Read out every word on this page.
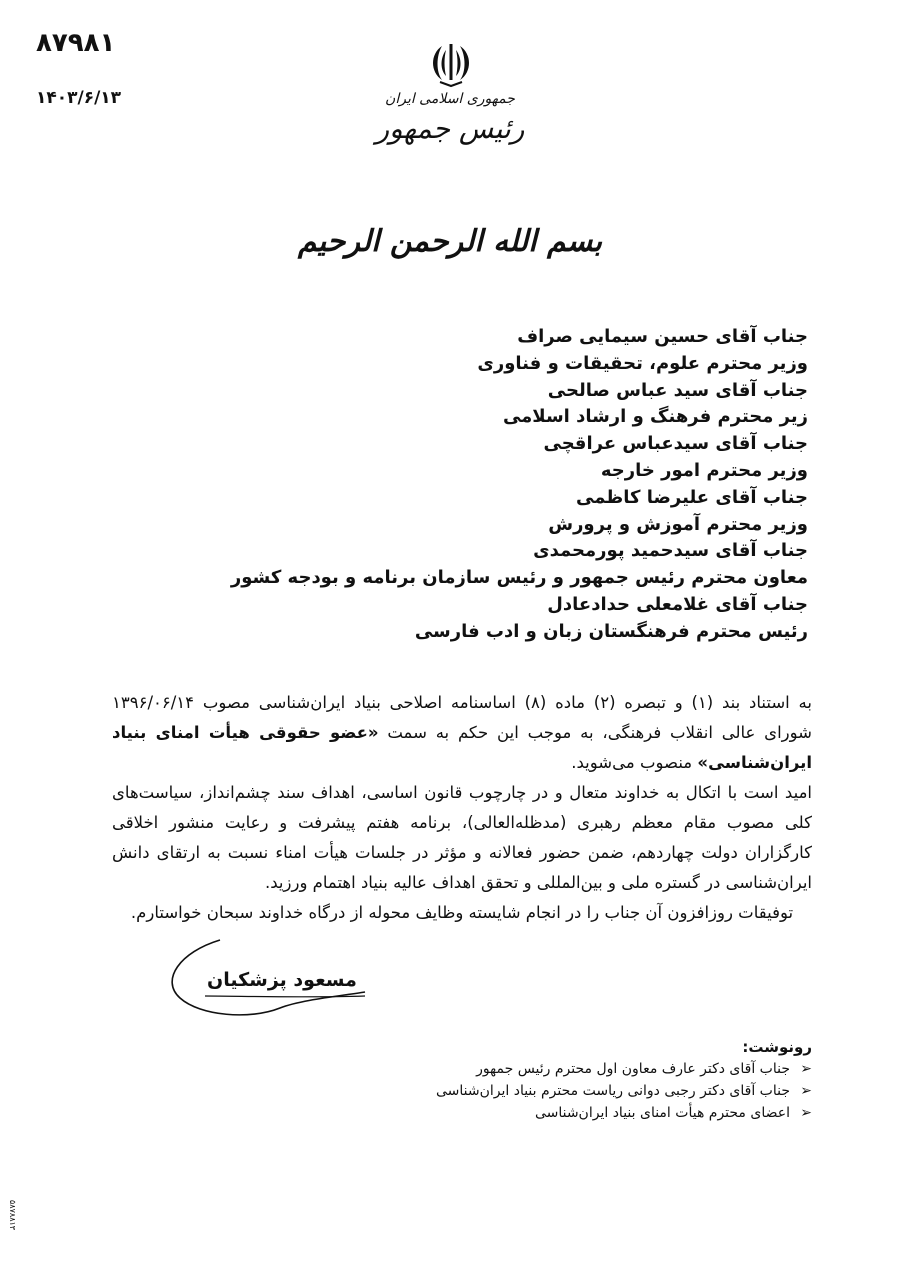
۸۷۹۸۱
۱۴۰۳/۶/۱۳	جمهوری اسلامی ایران
رئیس جمهور
بسم الله الرحمن الرحیم
جناب آقای حسین سیمایی صراف
وزیر محترم علوم، تحقیقات و فناوری
جناب آقای سید عباس صالحی
زیر محترم فرهنگ و ارشاد اسلامی
جناب آقای سیدعباس عراقچی
وزیر محترم امور خارجه
جناب آقای علیرضا کاظمی
وزیر محترم آموزش و پرورش
جناب آقای سیدحمید پورمحمدی
معاون محترم رئیس جمهور و رئیس سازمان برنامه و بودجه کشور
جناب آقای غلامعلی حدادعادل
رئیس محترم فرهنگستان زبان و ادب فارسی

به استناد بند (۱) و تبصره (۲) ماده (۸) اساسنامه اصلاحی بنیاد ایران‌شناسی مصوب ۱۳۹۶/۰۶/۱۴ شورای عالی انقلاب فرهنگی، به موجب این حکم به سمت «عضو حقوقی هیأت امنای بنیاد ایران‌شناسی» منصوب می‌شوید.

امید است با اتکال به خداوند متعال و در چارچوب قانون اساسی، اهداف سند چشم‌انداز، سیاست‌های کلی مصوب مقام معظم رهبری (مدظله‌العالی)، برنامه هفتم پیشرفت و رعایت منشور اخلاقی کارگزاران دولت چهاردهم، ضمن حضور فعالانه و مؤثر در جلسات هیأت امناء نسبت به ارتقای دانش ایران‌شناسی در گستره ملی و بین‌المللی و تحقق اهداف عالیه بنیاد اهتمام ورزید.

توفیقات روزافزون آن جناب را در انجام شایسته وظایف محوله از درگاه خداوند سبحان خواستارم.

مسعود پزشکیان
رونوشت:
➢
جناب آقای دکتر عارف معاون اول محترم رئیس جمهور
➢
جناب آقای دکتر رجبی دوانی ریاست محترم بنیاد ایران‌شناسی
➢
اعضای محترم هیأت امنای بنیاد ایران‌شناسی
۵۸۷۸۸۱۳
